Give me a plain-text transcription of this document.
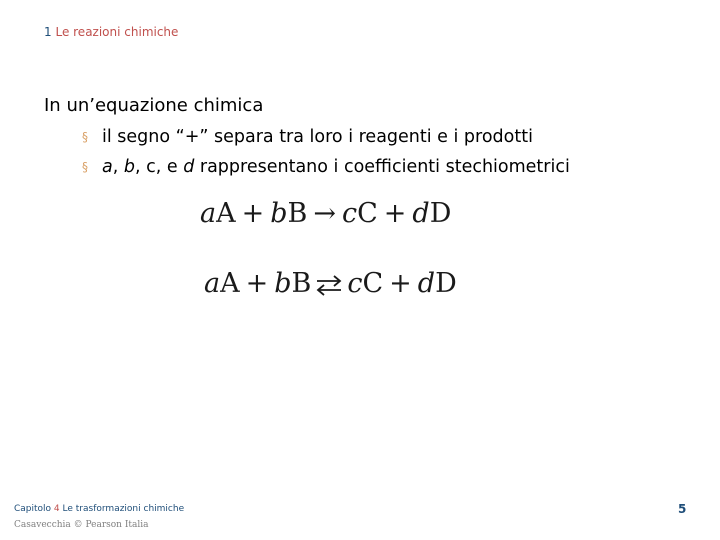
1 Le reazioni chimiche
In un’equazione chimica
§ il segno “+” separa tra loro i reagenti e i prodotti
§ a, b, c, e d rappresentano i coefficienti stechiometrici
aA + bB → cC + dD
aA + bB ⇌ cC + dD
Capitolo 4 Le trasformazioni chimiche
Casavecchia © Pearson Italia
5
